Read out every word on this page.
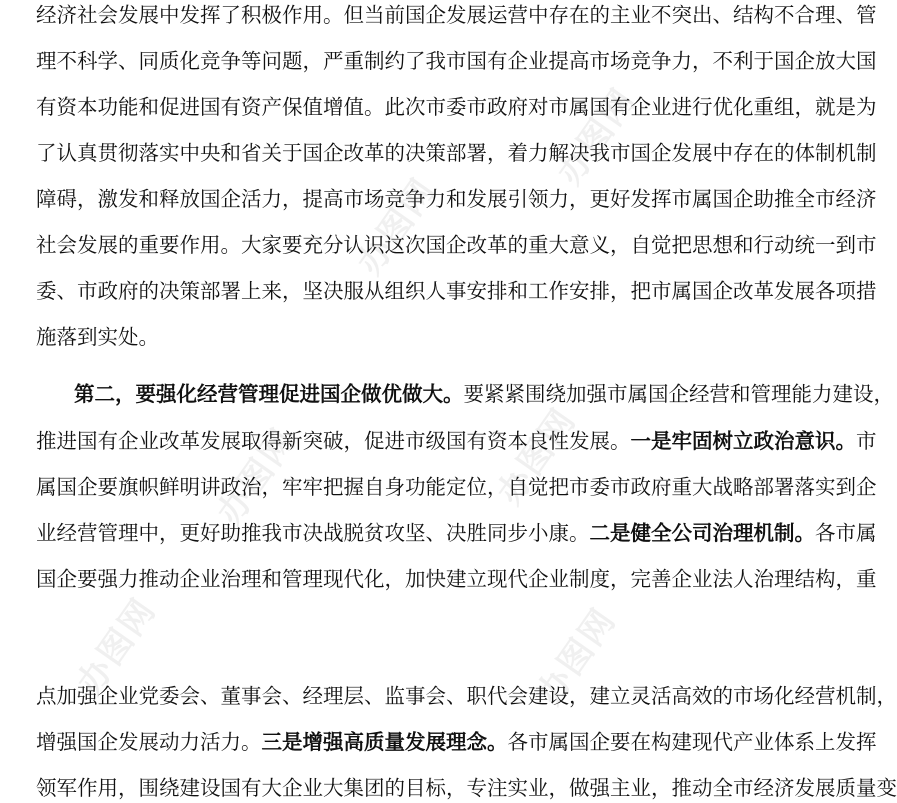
办图网
办图网
办图网	办图网
办图网	办图网
经济社会发展中发挥了积极作用。但当前国企发展运营中存在的主业不突出、结构不合理、管
理不科学、同质化竞争等问题，严重制约了我市国有企业提高市场竞争力，不利于国企放大国
有资本功能和促进国有资产保值增值。此次市委市政府对市属国有企业进行优化重组，就是为
了认真贯彻落实中央和省关于国企改革的决策部署，着力解决我市国企发展中存在的体制机制
障碍，激发和释放国企活力，提高市场竞争力和发展引领力，更好发挥市属国企助推全市经济
社会发展的重要作用。大家要充分认识这次国企改革的重大意义，自觉把思想和行动统一到市
委、市政府的决策部署上来，坚决服从组织人事安排和工作安排，把市属国企改革发展各项措
施落到实处。
第二，要强化经营管理促进国企做优做大。要紧紧围绕加强市属国企经营和管理能力建设，
推进国有企业改革发展取得新突破，促进市级国有资本良性发展。一是牢固树立政治意识。市
属国企要旗帜鲜明讲政治，牢牢把握自身功能定位，自觉把市委市政府重大战略部署落实到企
业经营管理中，更好助推我市决战脱贫攻坚、决胜同步小康。二是健全公司治理机制。各市属
国企要强力推动企业治理和管理现代化，加快建立现代企业制度，完善企业法人治理结构，重
点加强企业党委会、董事会、经理层、监事会、职代会建设，建立灵活高效的市场化经营机制，
增强国企发展动力活力。三是增强高质量发展理念。各市属国企要在构建现代产业体系上发挥
领军作用，围绕建设国有大企业大集团的目标，专注实业，做强主业，推动全市经济发展质量变
